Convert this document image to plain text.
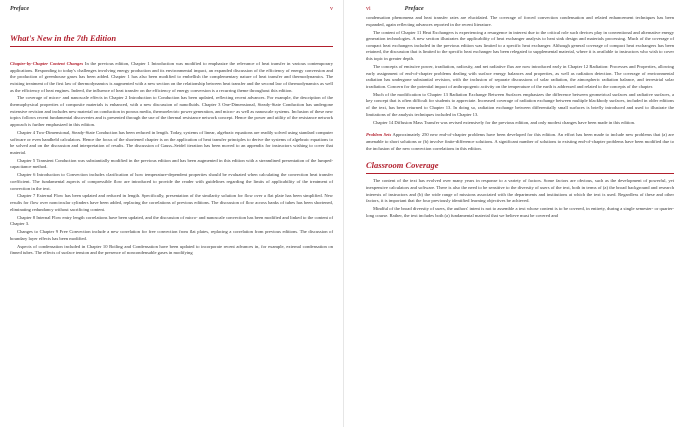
Preface	v
What's New in the 7th Edition

Chapter-by-Chapter Content Changes In the previous edition, Chapter 1 Introduction was modified to emphasize the relevance of heat transfer in various contemporary applications. Responding to today's challenges involving energy production and its environmental impact, an expanded discussion of the efficiency of energy conversion and the production of greenhouse gases has been added. Chapter 1 has also been modified to embellish the complementary nature of heat transfer and thermodynamics. The existing treatment of the first law of thermodynamics is augmented with a new section on the relationship between heat transfer and the second law of thermodynamics as well as the efficiency of heat engines. Indeed, the influence of heat transfer on the efficiency of energy conversion is a recurring theme throughout this edition.

The coverage of micro- and nanoscale effects in Chapter 2 Introduction to Conduction has been updated, reflecting recent advances. For example, the description of the thermophysical properties of composite materials is enhanced, with a new discussion of nanofluids. Chapter 3 One-Dimensional, Steady-State Conduction has undergone extensive revision and includes new material on conduction in porous media, thermoelectric power generation, and micro- as well as nanoscale systems. Inclusion of these new topics follows recent fundamental discoveries and is presented through the use of the thermal resistance network concept. Hence the power and utility of the resistance network approach is further emphasized in this edition.

Chapter 4 Two-Dimensional, Steady-State Conduction has been reduced in length. Today, systems of linear, algebraic equations are readily solved using standard computer software or even handheld calculators. Hence the focus of the shortened chapter is on the application of heat transfer principles to derive the systems of algebraic equations to be solved and on the discussion and interpretation of results. The discussion of Gauss–Seidel iteration has been moved to an appendix for instructors wishing to cover that material.

Chapter 5 Transient Conduction was substantially modified in the previous edition and has been augmented in this edition with a streamlined presentation of the lumped-capacitance method.

Chapter 6 Introduction to Convection includes clarification of how temperature-dependent properties should be evaluated when calculating the convection heat transfer coefficient. The fundamental aspects of compressible flow are introduced to provide the reader with guidelines regarding the limits of applicability of the treatment of convection in the text.

Chapter 7 External Flow has been updated and reduced in length. Specifically, presentation of the similarity solution for flow over a flat plate has been simplified. New results for flow over noncircular cylinders have been added, replacing the correlations of previous editions. The discussion of flow across banks of tubes has been shortened, eliminating redundancy without sacrificing content.

Chapter 8 Internal Flow entry length correlations have been updated, and the discussion of micro- and nanoscale convection has been modified and linked to the content of Chapter 3.

Changes to Chapter 9 Free Convection include a new correlation for free convection from flat plates, replacing a correlation from previous editions. The discussion of boundary layer effects has been modified.

Aspects of condensation included in Chapter 10 Boiling and Condensation have been updated to incorporate recent advances in, for example, external condensation on finned tubes. The effects of surface tension and the presence of noncondensable gases in modifying

vi	Preface

condensation phenomena and heat transfer rates are elucidated. The coverage of forced convection condensation and related enhancement techniques has been expanded, again reflecting advances reported in the recent literature.

The content of Chapter 11 Heat Exchangers is experiencing a resurgence in interest due to the critical role such devices play in conventional and alternative energy generation technologies. A new section illustrates the applicability of heat exchanger analysis to heat sink design and materials processing. Much of the coverage of compact heat exchangers included in the previous edition was limited to a specific heat exchanger. Although general coverage of compact heat exchangers has been retained, the discussion that is limited to the specific heat exchanger has been relegated to supplemental material, where it is available to instructors who wish to cover this topic in greater depth.

The concepts of emissive power, irradiation, radiosity, and net radiative flux are now introduced early in Chapter 12 Radiation: Processes and Properties, allowing early assignment of end-of-chapter problems dealing with surface energy balances and properties, as well as radiation detection. The coverage of environmental radiation has undergone substantial revision, with the inclusion of separate discussions of solar radiation, the atmospheric radiation balance, and terrestrial solar irradiation. Concern for the potential impact of anthropogenic activity on the temperature of the earth is addressed and related to the concepts of the chapter.

Much of the modification to Chapter 13 Radiation Exchange Between Surfaces emphasizes the difference between geometrical surfaces and radiative surfaces, a key concept that is often difficult for students to appreciate. Increased coverage of radiation exchange between multiple blackbody surfaces, included in older editions of the text, has been returned to Chapter 13. In doing so, radiation exchange between differentially small surfaces is briefly introduced and used to illustrate the limitations of the analysis techniques included in Chapter 13.

Chapter 14 Diffusion Mass Transfer was revised extensively for the previous edition, and only modest changes have been made in this edition.

Problem Sets Approximately 250 new end-of-chapter problems have been developed for this edition. An effort has been made to include new problems that (a) are amenable to short solutions or (b) involve finite-difference solutions. A significant number of solutions to existing end-of-chapter problems have been modified due to the inclusion of the new convection correlations in this edition.

Classroom Coverage

The content of the text has evolved over many years in response to a variety of factors. Some factors are obvious, such as the development of powerful, yet inexpensive calculators and software. There is also the need to be sensitive to the diversity of users of the text, both in terms of (a) the broad background and research interests of instructors and (b) the wide range of missions associated with the departments and institutions at which the text is used. Regardless of these and other factors, it is important that the four previously identified learning objectives be achieved.

Mindful of the broad diversity of users, the authors' intent is not to assemble a text whose content is to be covered, in entirety, during a single semester- or quarter-long course. Rather, the text includes both (a) fundamental material that we believe must be covered and
